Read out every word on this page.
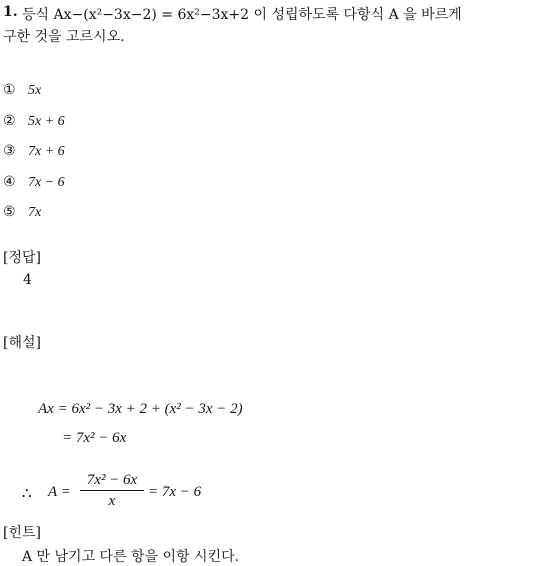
1. 등식 Ax−(x²−3x−2) = 6x²−3x+2 이 성립하도록 다항식 A 을 바르게
구한 것을 고르시오.
① 5x
② 5x + 6
③ 7x + 6
④ 7x − 6
⑤ 7x
[정답]
4
[해설]
Ax = 6x² − 3x + 2 + (x² − 3x − 2)
= 7x² − 6x
∴ A =
7x² − 6x
x
= 7x − 6
[힌트]
A 만 남기고 다른 항을 이항 시킨다.
